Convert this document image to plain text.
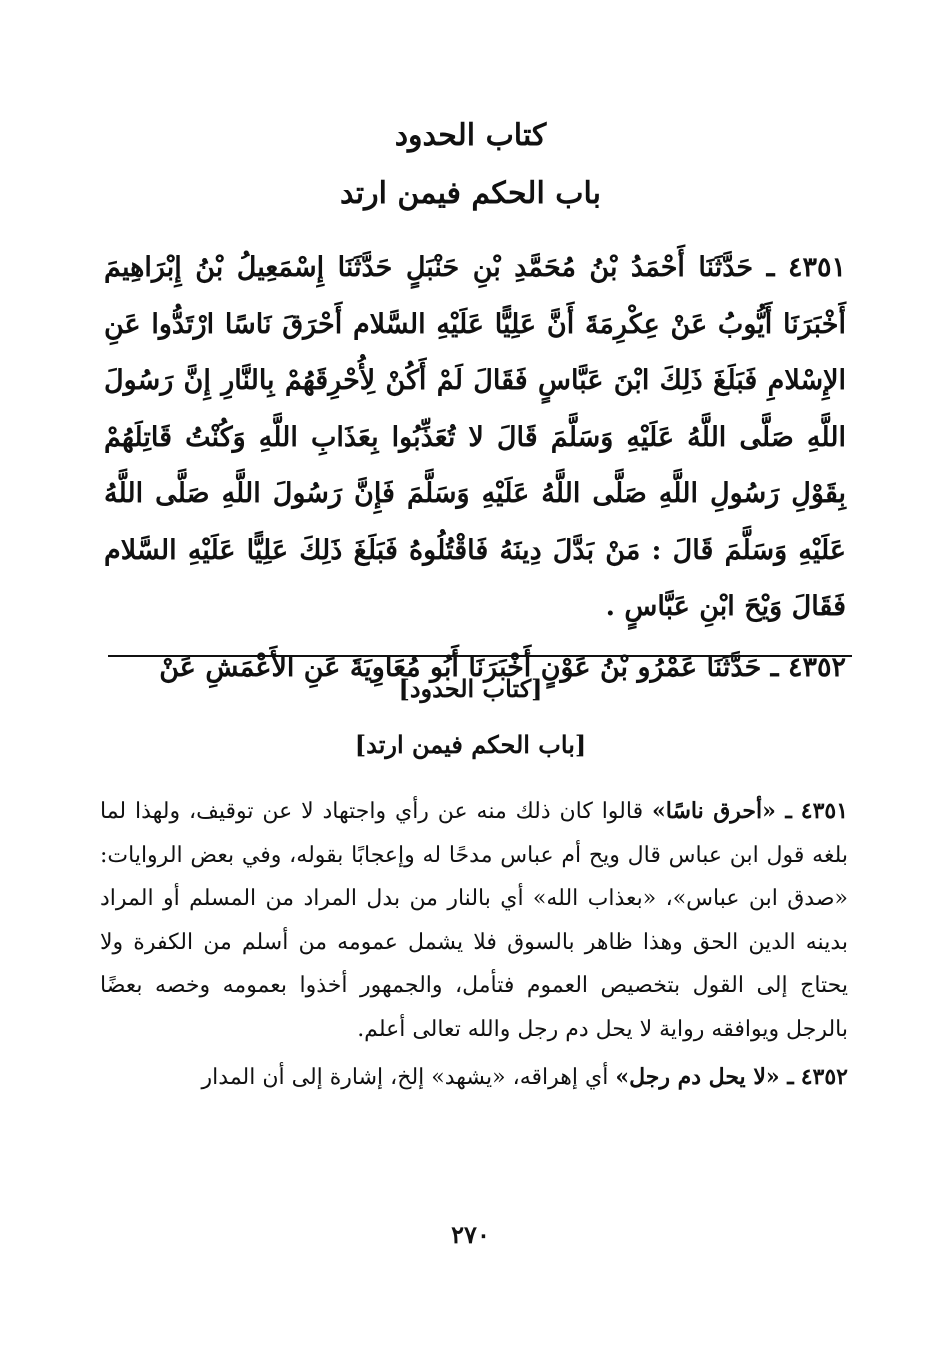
كتاب الحدود
باب الحكم فيمن ارتد

٤٣٥١ ـ حَدَّثَنَا أَحْمَدُ بْنُ مُحَمَّدِ بْنِ حَنْبَلٍ حَدَّثَنَا إِسْمَعِيلُ بْنُ إِبْرَاهِيمَ أَخْبَرَنَا أَيُّوبُ عَنْ عِكْرِمَةَ أَنَّ عَلِيًّا عَلَيْهِ السَّلام أَحْرَقَ نَاسًا ارْتَدُّوا عَنِ الإِسْلامِ فَبَلَغَ ذَلِكَ ابْنَ عَبَّاسٍ فَقَالَ لَمْ أَكُنْ لِأُحْرِقَهُمْ بِالنَّارِ إِنَّ رَسُولَ اللَّهِ صَلَّى اللَّهُ عَلَيْهِ وَسَلَّمَ قَالَ لا تُعَذِّبُوا بِعَذَابِ اللَّهِ وَكُنْتُ قَاتِلَهُمْ بِقَوْلِ رَسُولِ اللَّهِ صَلَّى اللَّهُ عَلَيْهِ وَسَلَّمَ فَإِنَّ رَسُولَ اللَّهِ صَلَّى اللَّهُ عَلَيْهِ وَسَلَّمَ قَالَ : مَنْ بَدَّلَ دِينَهُ فَاقْتُلُوهُ فَبَلَغَ ذَلِكَ عَلِيًّا عَلَيْهِ السَّلام فَقَالَ وَيْحَ ابْنِ عَبَّاسٍ .

٤٣٥٢ ـ حَدَّثَنَا عَمْرُو بْنُ عَوْنٍ أَخْبَرَنَا أَبُو مُعَاوِيَةَ عَنِ الأَعْمَشِ عَنْ

[كتاب الحدود]
[باب الحكم فيمن ارتد]

٤٣٥١ ـ «أحرق ناسًا» قالوا كان ذلك منه عن رأي واجتهاد لا عن توقيف، ولهذا لما بلغه قول ابن عباس قال ويح أم عباس مدحًا له وإعجابًا بقوله، وفي بعض الروايات: «صدق ابن عباس»، «بعذاب الله» أي بالنار من بدل المراد من المسلم أو المراد بدينه الدين الحق وهذا ظاهر بالسوق فلا يشمل عمومه من أسلم من الكفرة ولا يحتاج إلى القول بتخصيص العموم فتأمل، والجمهور أخذوا بعمومه وخصه بعضًا بالرجل ويوافقه رواية لا يحل دم رجل والله تعالى أعلم.

٤٣٥٢ ـ «لا يحل دم رجل» أي إهراقه، «يشهد» إلخ، إشارة إلى أن المدار

٢٧٠
